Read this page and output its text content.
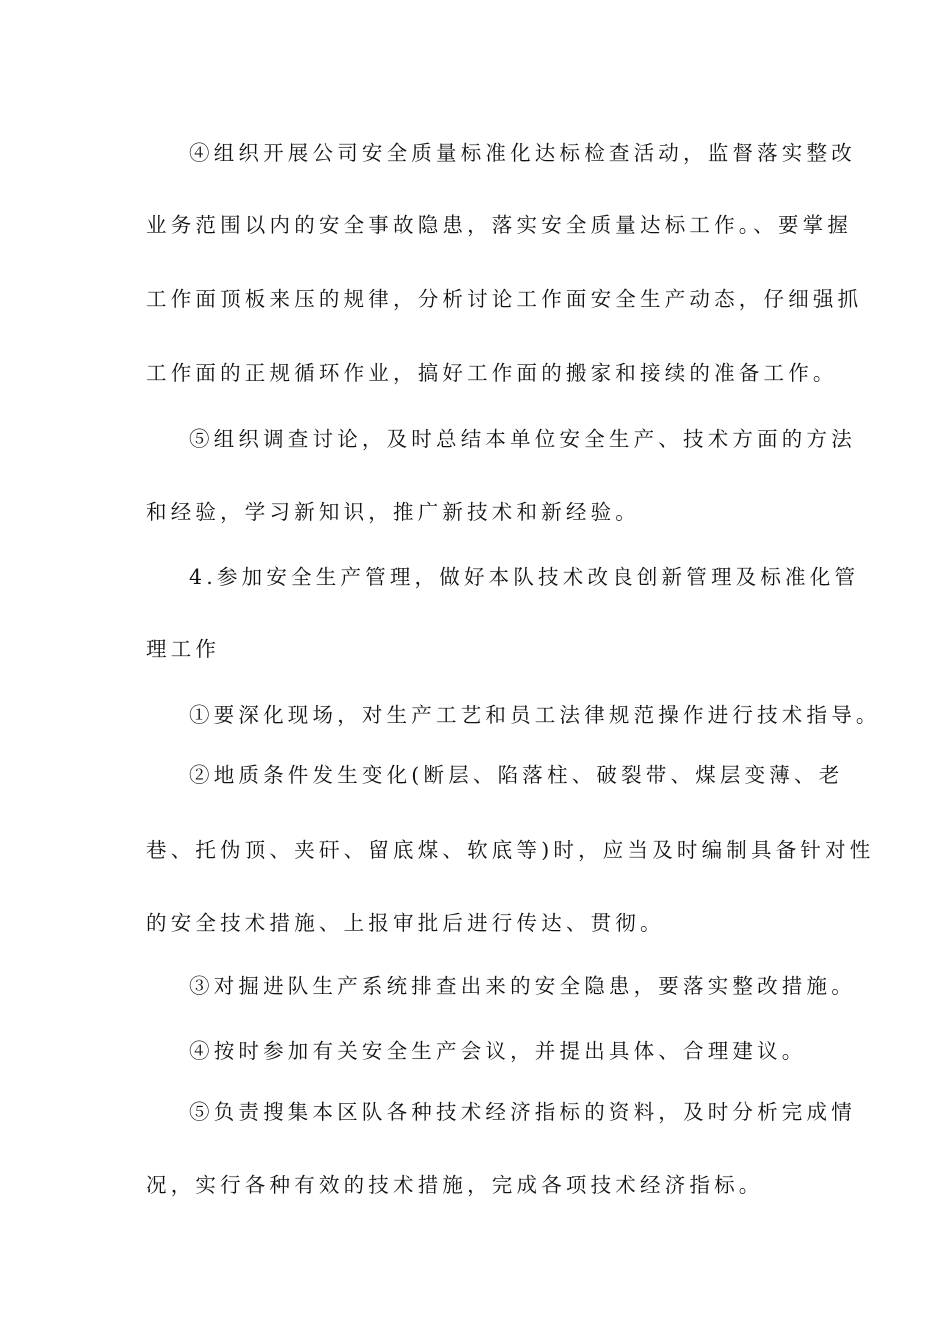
④组织开展公司安全质量标准化达标检查活动，监督落实整改
业务范围以内的安全事故隐患，落实安全质量达标工作。、要掌握
工作面顶板来压的规律，分析讨论工作面安全生产动态，仔细强抓
工作面的正规循环作业，搞好工作面的搬家和接续的准备工作。
⑤组织调查讨论，及时总结本单位安全生产、技术方面的方法
和经验，学习新知识，推广新技术和新经验。
4.参加安全生产管理，做好本队技术改良创新管理及标准化管
理工作
①要深化现场，对生产工艺和员工法律规范操作进行技术指导。
②地质条件发生变化(断层、陷落柱、破裂带、煤层变薄、老
巷、托伪顶、夹矸、留底煤、软底等)时，应当及时编制具备针对性
的安全技术措施、上报审批后进行传达、贯彻。
③对掘进队生产系统排查出来的安全隐患，要落实整改措施。
④按时参加有关安全生产会议，并提出具体、合理建议。
⑤负责搜集本区队各种技术经济指标的资料，及时分析完成情
况，实行各种有效的技术措施，完成各项技术经济指标。
